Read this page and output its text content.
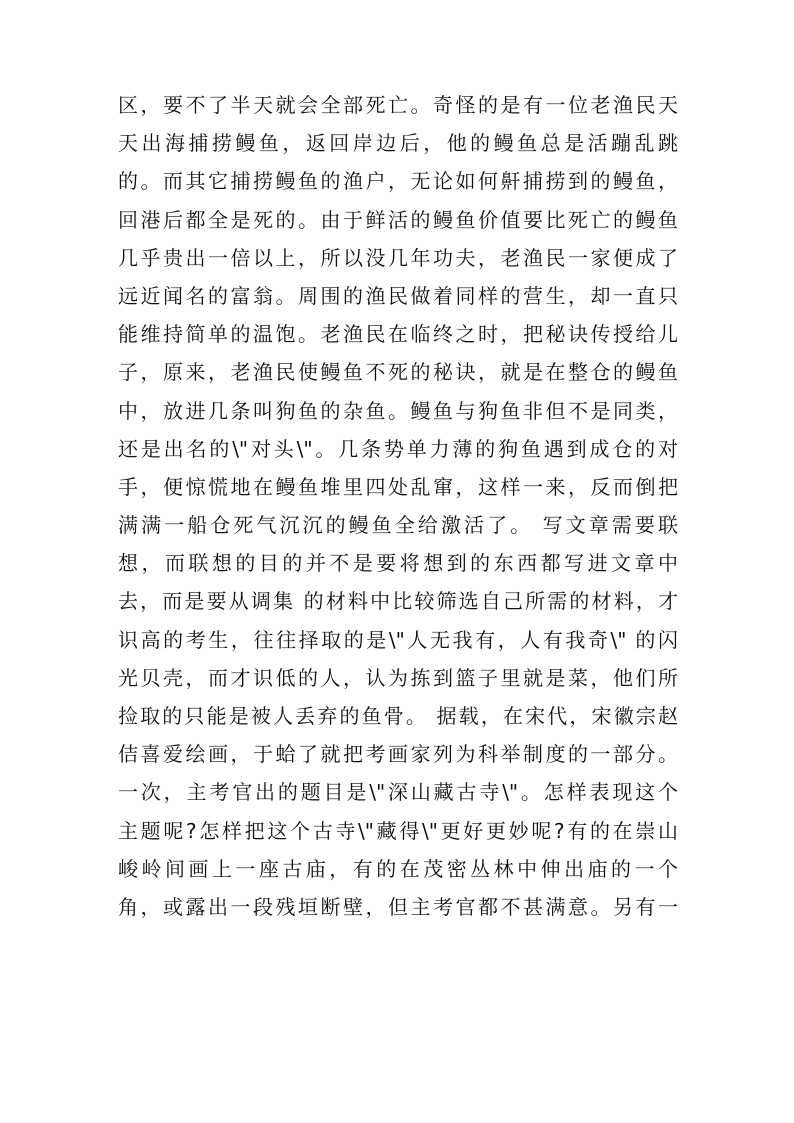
区，要不了半天就会全部死亡。奇怪的是有一位老渔民天
天出海捕捞鳗鱼，返回岸边后，他的鳗鱼总是活蹦乱跳
的。而其它捕捞鳗鱼的渔户，无论如何鼾捕捞到的鳗鱼，
回港后都全是死的。由于鲜活的鳗鱼价值要比死亡的鳗鱼
几乎贵出一倍以上，所以没几年功夫，老渔民一家便成了
远近闻名的富翁。周围的渔民做着同样的营生，却一直只
能维持简单的温饱。老渔民在临终之时，把秘诀传授给儿
子，原来，老渔民使鳗鱼不死的秘诀，就是在整仓的鳗鱼
中，放进几条叫狗鱼的杂鱼。鳗鱼与狗鱼非但不是同类，
还是出名的\"对头\"。几条势单力薄的狗鱼遇到成仓的对
手，便惊慌地在鳗鱼堆里四处乱窜，这样一来，反而倒把
满满一船仓死气沉沉的鳗鱼全给激活了。 写文章需要联
想，而联想的目的并不是要将想到的东西都写进文章中
去，而是要从调集 的材料中比较筛选自己所需的材料，才
识高的考生，往往择取的是\"人无我有，人有我奇\" 的闪
光贝壳，而才识低的人，认为拣到篮子里就是菜，他们所
捡取的只能是被人丢弃的鱼骨。 据载，在宋代，宋徽宗赵
佶喜爱绘画，于蛤了就把考画家列为科举制度的一部分。
一次，主考官出的题目是\"深山藏古寺\"。怎样表现这个
主题呢?怎样把这个古寺\"藏得\"更好更妙呢?有的在崇山
峻岭间画上一座古庙，有的在茂密丛林中伸出庙的一个
角，或露出一段残垣断壁，但主考官都不甚满意。另有一
